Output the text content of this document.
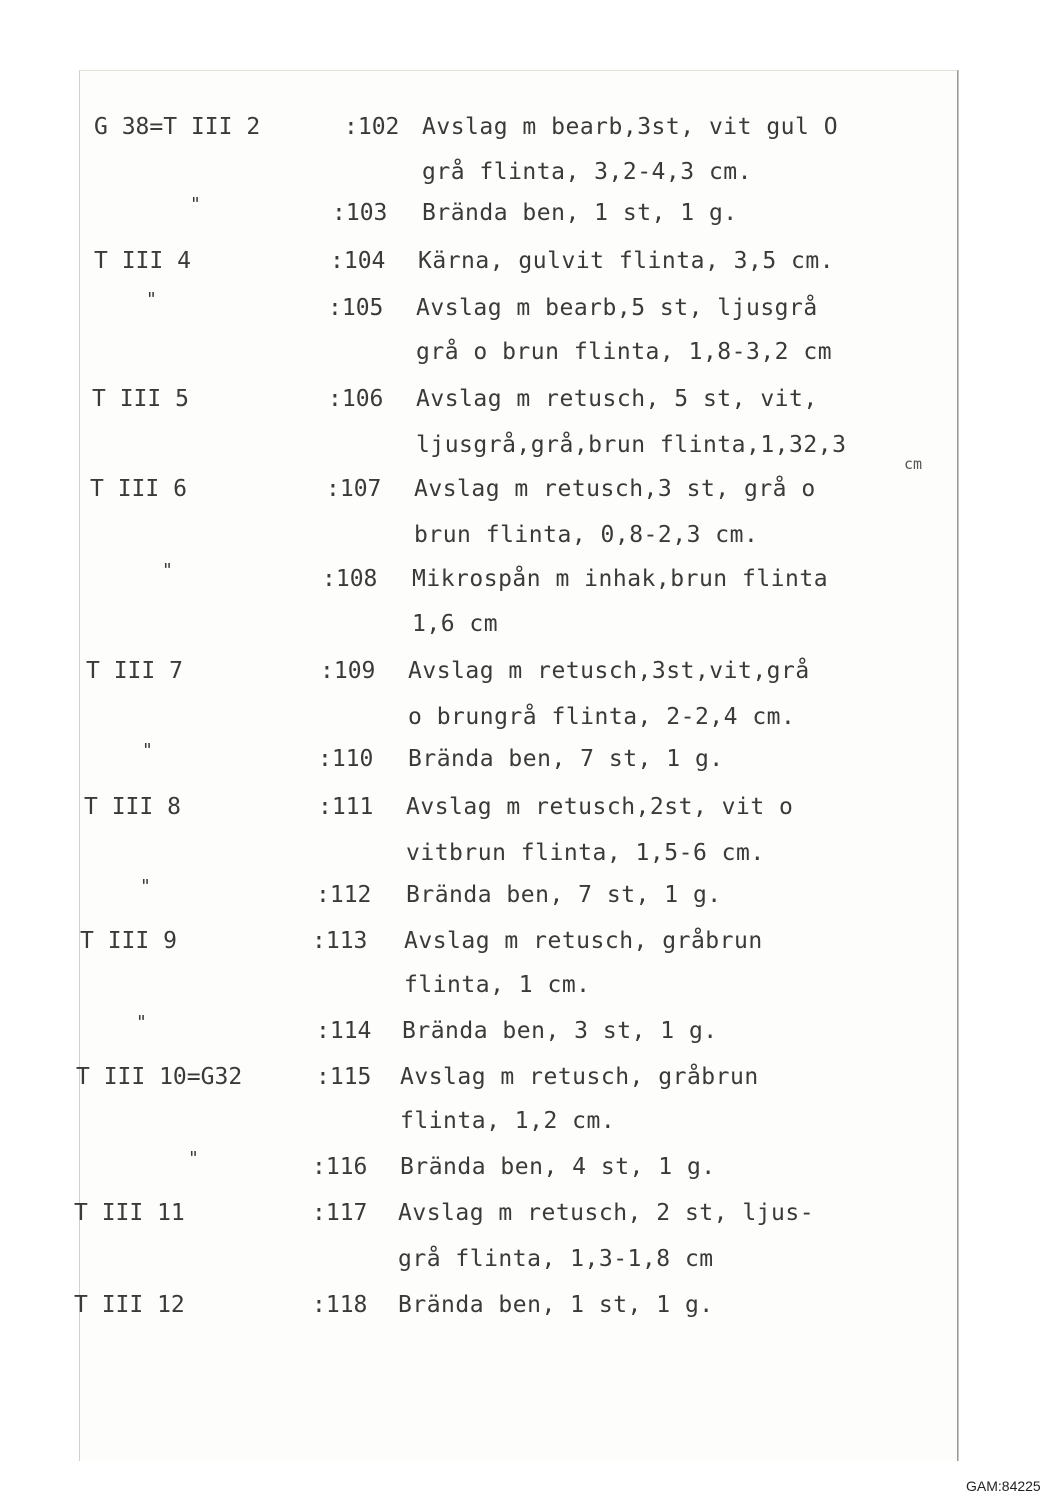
G 38=T III 2	:102 Avslag m bearb,3st, vit gul O
grå flinta, 3,2-4,3 cm.
"	:103 Brända ben, 1 st, 1 g.
T III 4	:104 Kärna, gulvit flinta, 3,5 cm.
"	:105 Avslag m bearb,5 st, ljusgrå
grå o brun flinta, 1,8-3,2 cm
T III 5	:106 Avslag m retusch, 5 st, vit,
ljusgrå,grå,brun flinta,1,32,3
cm
T III 6	:107 Avslag m retusch,3 st, grå o
brun flinta, 0,8-2,3 cm.
"	:108 Mikrospån m inhak,brun flinta
1,6 cm
T III 7	:109 Avslag m retusch,3st,vit,grå
o brungrå flinta, 2-2,4 cm.
"	:110 Brända ben, 7 st, 1 g.
T III 8	:111 Avslag m retusch,2st, vit o
vitbrun flinta, 1,5-6 cm.
"	:112 Brända ben, 7 st, 1 g.
T III 9	:113 Avslag m retusch, gråbrun
flinta, 1 cm.
"	:114 Brända ben, 3 st, 1 g.
T III 10=G32	:115 Avslag m retusch, gråbrun
flinta, 1,2 cm.
"	:116 Brända ben, 4 st, 1 g.
T III 11	:117 Avslag m retusch, 2 st, ljus-
grå flinta, 1,3-1,8 cm
T III 12	:118 Brända ben, 1 st, 1 g.
GAM:84225
